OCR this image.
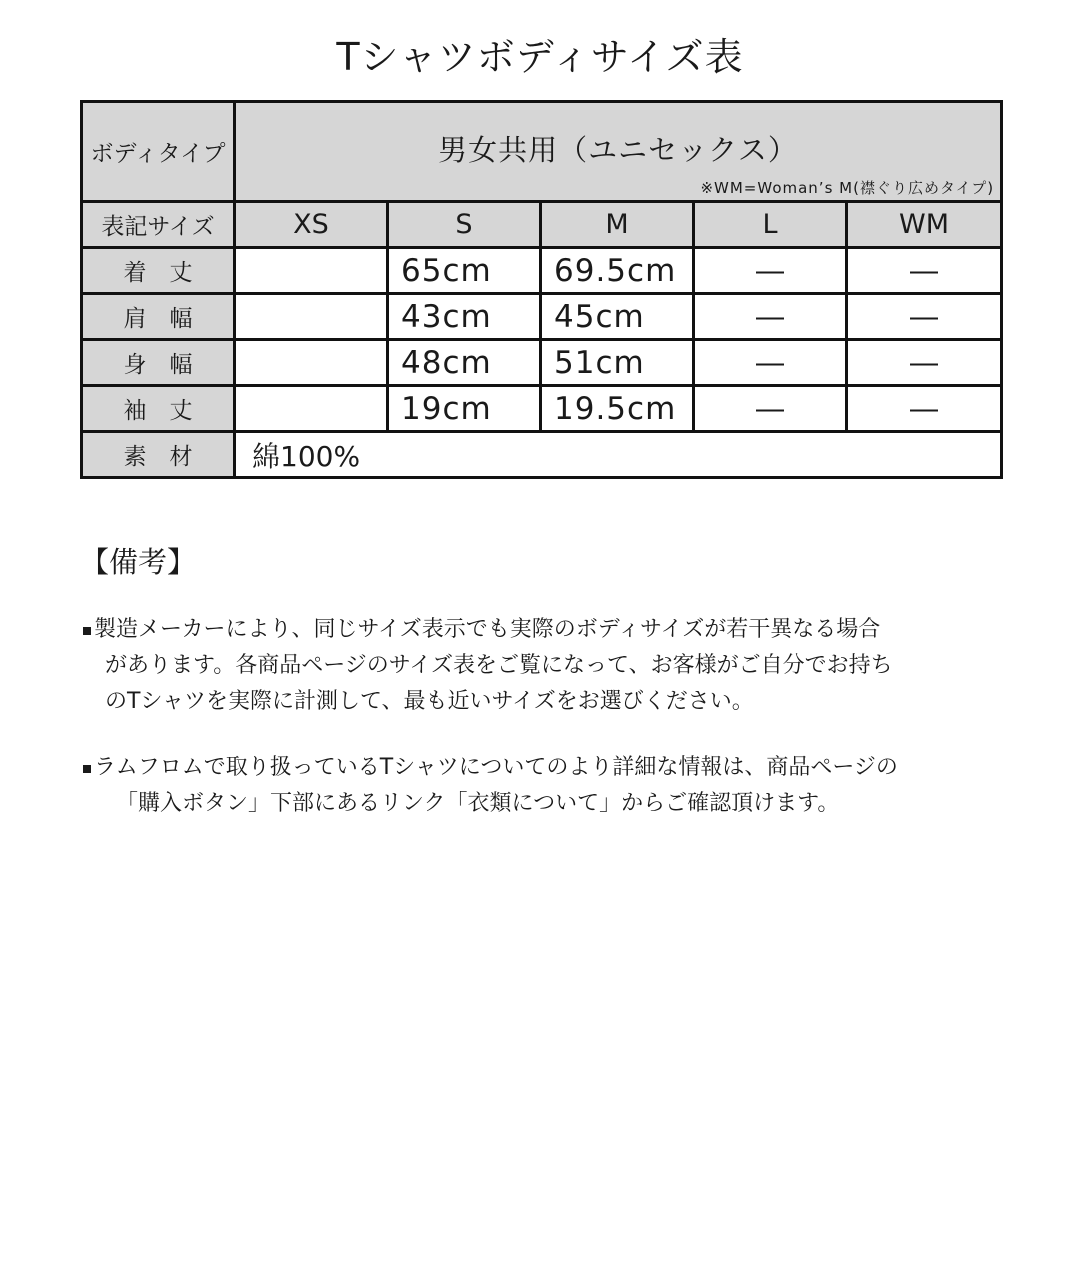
Tシャツボディサイズ表
ボディタイプ	男女共用（ユニセックス）
※WM=Woman’s M(襟ぐり広めタイプ)				

表記サイズ	XS	S	M	L	WM
着　丈		65cm	69.5cm	―	―
肩　幅		43cm	45cm	―	―
身　幅		48cm	51cm	―	―
袖　丈		19cm	19.5cm	―	―
素　材	綿100%				
【備考】
製造メーカーにより、同じサイズ表示でも実際のボディサイズが若干異なる場合
があります。各商品ページのサイズ表をご覧になって、お客様がご自分でお持ち
のTシャツを実際に計測して、最も近いサイズをお選びください。
ラムフロムで取り扱っているTシャツについてのより詳細な情報は、商品ページの
「購入ボタン」下部にあるリンク「衣類について」からご確認頂けます。
